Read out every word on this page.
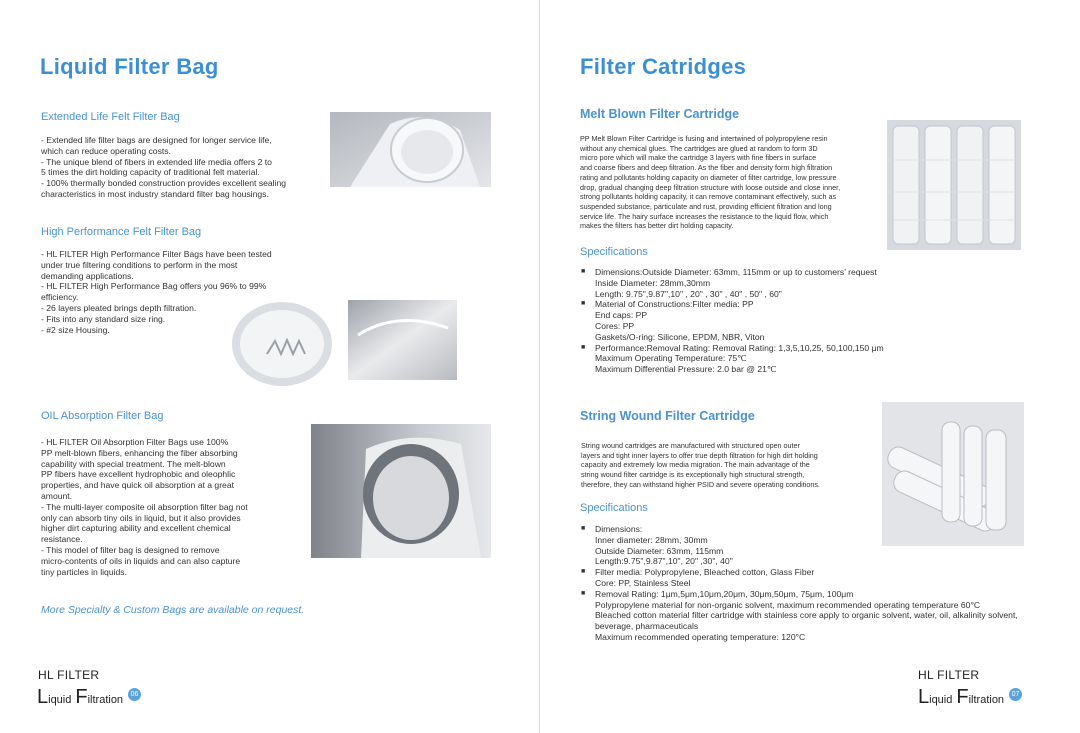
Liquid Filter Bag
Extended Life Felt Filter Bag
- Extended life filter bags are designed for longer service life,
which can reduce operating costs.
- The unique blend of fibers in extended life media offers 2 to
5 times the dirt holding capacity of traditional felt material.
- 100% thermally bonded construction provides excellent sealing
characteristics in most industry standard filter bag housings.
High Performance Felt Filter Bag
- HL FILTER High Performance Filter Bags have been tested
under true filtering conditions to perform in the most
demanding applications.
- HL FILTER High Performance Bag offers you 96% to 99%
efficiency.
- 26 layers pleated brings depth filtration.
- Fits into any standard size ring.
- #2 size Housing.
OIL Absorption Filter Bag
- HL FILTER Oil Absorption Filter Bags use 100%
PP melt-blown fibers, enhancing the fiber absorbing
capability with special treatment. The melt-blown
PP fibers have excellent hydrophobic and oleophlic
properties, and have quick oil absorption at a great
amount.
- The multi-layer composite oil absorption filter bag not
only can absorb tiny oils in liquid, but it also provides
higher dirt capturing ability and excellent chemical
resistance.
- This model of filter bag is designed to remove
micro-contents of oils in liquids and can also capture
tiny particles in liquids.
More Specialty & Custom Bags are available on request.
HL FILTER
L iquid F iltration	06
Filter Catridges
Melt Blown Filter Cartridge
PP Melt Blown Filter Cartridge is fusing and intertwined of polypropylene resin
without any chemical glues. The cartridges are glued at random to form 3D
micro pore which will make the cartridge 3 layers with fine fibers in surface
and coarse fibers and deep filtration. As the fiber and density form high filtration
rating and pollutants holding capacity on diameter of filter cartridge, low pressure
drop, gradual changing deep filtration structure with loose outside and close inner,
strong pollutants holding capacity, it can remove contaminant effectively, such as
suspended substance, particulate and rust, providing efficient filtration and long
service life. The hairy surface increases the resistance to the liquid flow, which
makes the filters has better dirt holding capacity.
Specifications
■	Dimensions:Outside Diameter: 63mm, 115mm or up to customers’ request
Inside Diameter: 28mm,30mm
Length: 9.75",9.87",10" , 20" , 30" , 40" , 50" , 60"
■	Material of Constructions:Filter media: PP
End caps: PP
Cores: PP
Gaskets/O-ring: Silicone, EPDM, NBR, Viton
■	Performance:Removal Rating: Removal Rating: 1,3,5,10,25, 50,100,150 μm
Maximum Operating Temperature: 75℃
Maximum Differential Pressure: 2.0 bar @ 21℃
String Wound Filter Cartridge
String wound cartridges are manufactured with structured open outer
layers and tight inner layers to offer true depth filtration for high dirt holding
capacity and extremely low media migration. The main advantage of the
string wound filter cartridge is its exceptionally high structural strength,
therefore, they can withstand higher PSID and severe operating conditions.
Specifications
■	Dimensions:
Inner diameter: 28mm, 30mm
Outside Diameter: 63mm, 115mm
Length:9.75",9.87",10", 20" ,30", 40"
■	Filter media: Polypropylene, Bleached cotton, Glass Fiber
Core: PP, Stainless Steel
■	Removal Rating: 1μm,5μm,10μm,20μm, 30μm,50μm, 75μm, 100μm
Polypropylene material for non-organic solvent, maximum recommended operating temperature 60°C
Bleached cotton material filter cartridge with stainless core apply to organic solvent, water, oil, alkalinity solvent,
beverage, pharmaceuticals
Maximum recommended operating temperature: 120°C
HL FILTER
L iquid F iltration	07
